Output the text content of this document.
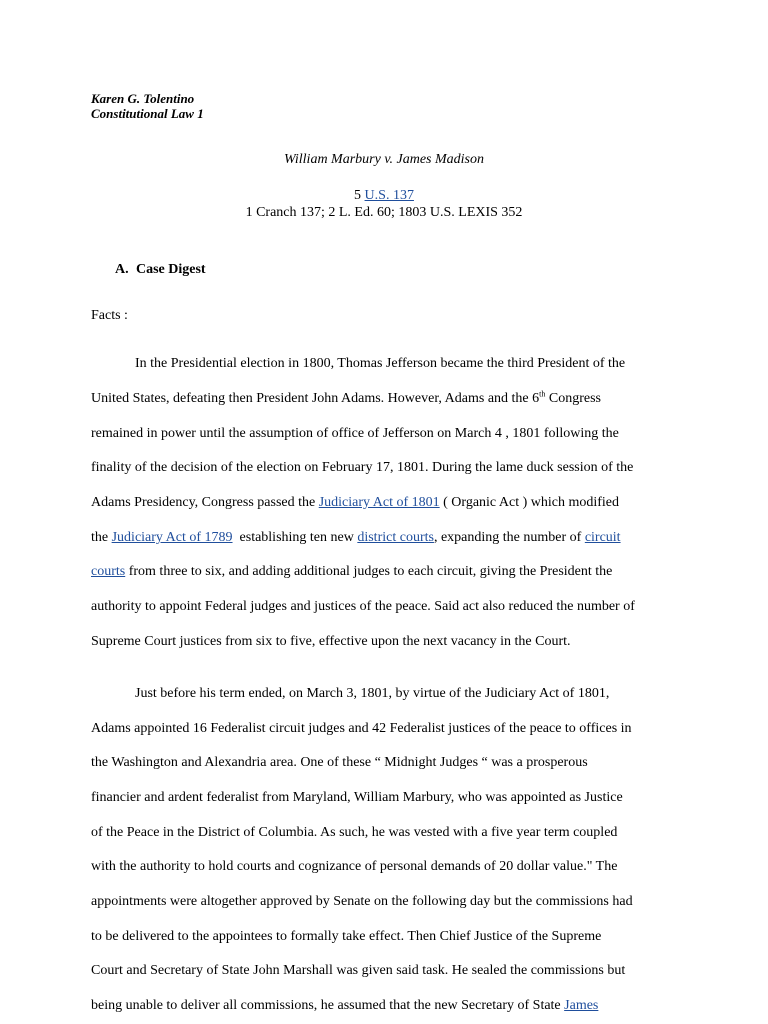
Karen G. Tolentino
Constitutional Law 1
William Marbury v. James Madison
5 U.S. 137
1 Cranch 137; 2 L. Ed. 60; 1803 U.S. LEXIS 352
A. Case Digest
Facts :
In the Presidential election in 1800, Thomas Jefferson became the third President of the
United States, defeating then President John Adams. However, Adams and the 6th Congress
remained in power until the assumption of office of Jefferson on March 4 , 1801 following the
finality of the decision of the election on February 17, 1801. During the lame duck session of the
Adams Presidency, Congress passed the Judiciary Act of 1801 ( Organic Act ) which modified
the Judiciary Act of 1789  establishing ten new district courts, expanding the number of circuit
courts from three to six, and adding additional judges to each circuit, giving the President the
authority to appoint Federal judges and justices of the peace. Said act also reduced the number of
Supreme Court justices from six to five, effective upon the next vacancy in the Court.
Just before his term ended, on March 3, 1801, by virtue of the Judiciary Act of 1801,
Adams appointed 16 Federalist circuit judges and 42 Federalist justices of the peace to offices in
the Washington and Alexandria area. One of these “ Midnight Judges “ was a prosperous
financier and ardent federalist from Maryland, William Marbury, who was appointed as Justice
of the Peace in the District of Columbia. As such, he was vested with a five year term coupled
with the authority to hold courts and cognizance of personal demands of 20 dollar value." The
appointments were altogether approved by Senate on the following day but the commissions had
to be delivered to the appointees to formally take effect. Then Chief Justice of the Supreme
Court and Secretary of State John Marshall was given said task. He sealed the commissions but
being unable to deliver all commissions, he assumed that the new Secretary of State James
